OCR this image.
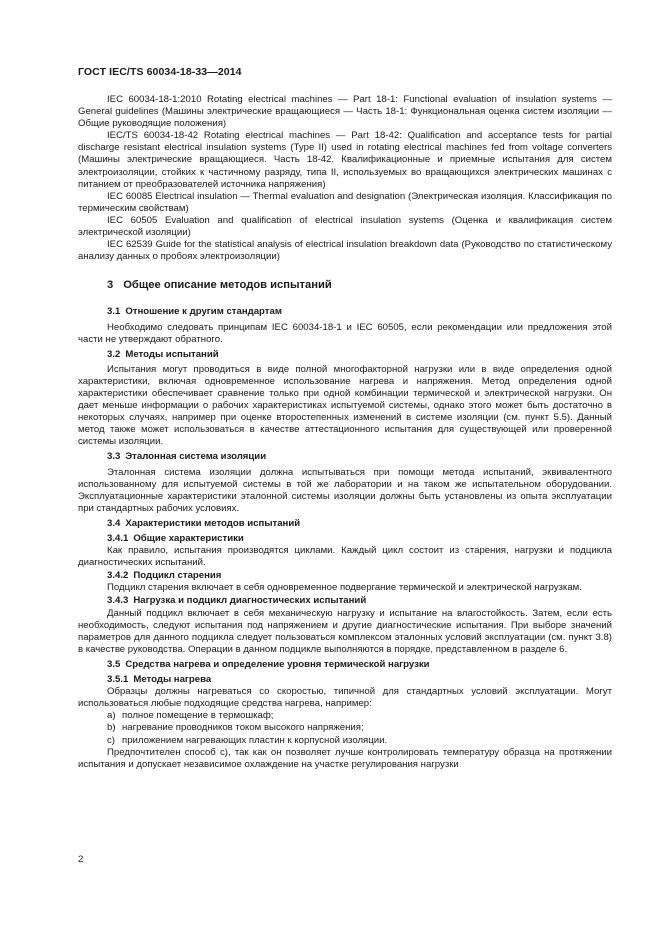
ГОСТ IEC/TS 60034-18-33—2014

IEC 60034-18-1:2010 Rotating electrical machines — Part 18-1: Functional evaluation of insulation systems — General guidelines (Машины электрические вращающиеся — Часть 18-1: Функциональная оценка систем изоляции — Общие руководящие положения)

IEC/TS 60034-18-42 Rotating electrical machines — Part 18-42: Qualification and acceptance tests for partial discharge resistant electrical insulation systems (Type II) used in rotating electrical machines fed from voltage converters (Машины электрические вращающиеся. Часть 18-42. Квалификационные и приемные испытания для систем электроизоляции, стойких к частичному разряду, типа II, используемых во вращающихся электрических машинах с питанием от преобразователей источника напряжения)

IEC 60085 Electrical insulation — Thermal evaluation and designation (Электрическая изоляция. Классификация по термическим свойствам)

IEC 60505 Evaluation and qualification of electrical insulation systems (Оценка и квалификация систем электрической изоляции)

IEC 62539 Guide for the statistical analysis of electrical insulation breakdown data (Руководство по статистическому анализу данных о пробоях электроизоляции)

3 Общее описание методов испытаний
3.1 Отношение к другим стандартам

Необходимо следовать принципам IEC 60034-18-1 и IEC 60505, если рекомендации или предложения этой части не утверждают обратного.

3.2 Методы испытаний

Испытания могут проводиться в виде полной многофакторной нагрузки или в виде определения одной характеристики, включая одновременное использование нагрева и напряжения. Метод определения одной характеристики обеспечивает сравнение только при одной комбинации термической и электрической нагрузки. Он дает меньше информации о рабочих характеристиках испытуемой системы, однако этого может быть достаточно в некоторых случаях, например при оценке второстепенных изменений в системе изоляции (см. пункт 5.5). Данный метод также может использоваться в качестве аттестационного испытания для существующей или проверенной системы изоляции.

3.3 Эталонная система изоляции

Эталонная система изоляции должна испытываться при помощи метода испытаний, эквивалентного использованному для испытуемой системы в той же лаборатории и на таком же испытательном оборудовании. Эксплуатационные характеристики эталонной системы изоляции должны быть установлены из опыта эксплуатации при стандартных рабочих условиях.

3.4 Характеристики методов испытаний
3.4.1 Общие характеристики

Как правило, испытания производятся циклами. Каждый цикл состоит из старения, нагрузки и подцикла диагностических испытаний.

3.4.2 Подцикл старения

Подцикл старения включает в себя одновременное подвергание термической и электрической нагрузкам.

3.4.3 Нагрузка и подцикл диагностических испытаний

Данный подцикл включает в себя механическую нагрузку и испытание на влагостойкость. Затем, если есть необходимость, следуют испытания под напряжением и другие диагностические испытания. При выборе значений параметров для данного подцикла следует пользоваться комплексом эталонных условий эксплуатации (см. пункт 3.8) в качестве руководства. Операции в данном подцикле выполняются в порядке, представленном в разделе 6.

3.5 Средства нагрева и определение уровня термической нагрузки
3.5.1 Методы нагрева

Образцы должны нагреваться со скоростью, типичной для стандартных условий эксплуатации. Могут использоваться любые подходящие средства нагрева, например:

a) полное помещение в термошкаф;
b) нагревание проводников током высокого напряжения;
c) приложением нагревающих пластин к корпусной изоляции.

Предпочтителен способ c), так как он позволяет лучше контролировать температуру образца на протяжении испытания и допускает независимое охлаждение на участке регулирования нагрузки

2
